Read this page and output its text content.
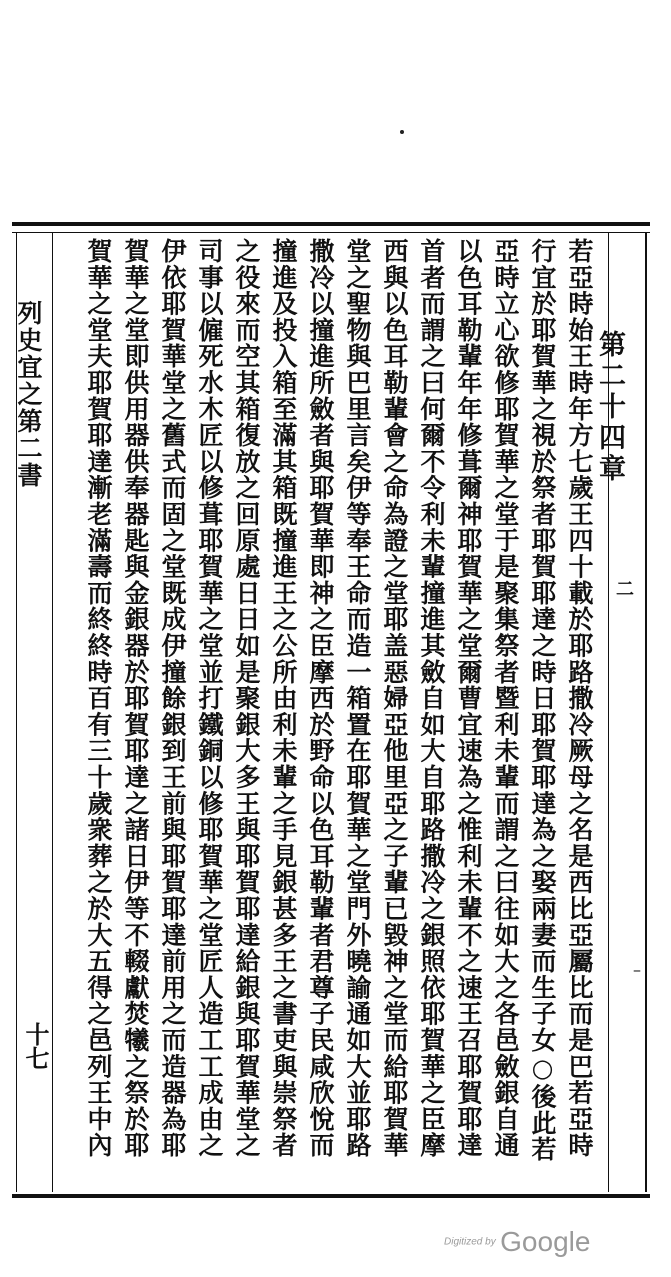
列史宜之第二書
十七
第二十四章
二
–
若亞時始王時年方七歲王四十載於耶路撒冷厥母之名是西比亞屬比而是巴若亞時
行宜於耶賀華之視於祭者耶賀耶達之時日耶賀耶達為之娶兩妻而生子女○後此若
亞時立心欲修耶賀華之堂于是聚集祭者暨利未輩而謂之曰往如大之各邑斂銀自通
以色耳勒輩年年修葺爾神耶賀華之堂爾曹宜速為之惟利未輩不之速王召耶賀耶達
首者而謂之曰何爾不令利未輩撞進其斂自如大自耶路撒冷之銀照依耶賀華之臣摩
西與以色耳勒輩會之命為證之堂耶盖惡婦亞他里亞之子輩已毀神之堂而給耶賀華
堂之聖物與巴里言矣伊等奉王命而造一箱置在耶賀華之堂門外曉諭通如大並耶路
撒冷以撞進所斂者與耶賀華即神之臣摩西於野命以色耳勒輩者君尊子民咸欣悅而
撞進及投入箱至滿其箱既撞進王之公所由利未輩之手見銀甚多王之書吏與崇祭者
之役來而空其箱復放之回原處日日如是聚銀大多王與耶賀耶達給銀與耶賀華堂之
司事以僱死水木匠以修葺耶賀華之堂並打鐵銅以修耶賀華之堂匠人造工工成由之
伊依耶賀華堂之舊式而固之堂既成伊撞餘銀到王前與耶賀耶達前用之而造器為耶
賀華之堂即供用器供奉器匙與金銀器於耶賀耶達之諸日伊等不輟獻焚犧之祭於耶
賀華之堂夫耶賀耶達漸老滿壽而終終時百有三十歲衆葬之於大五得之邑列王中內
Digitized by Google
